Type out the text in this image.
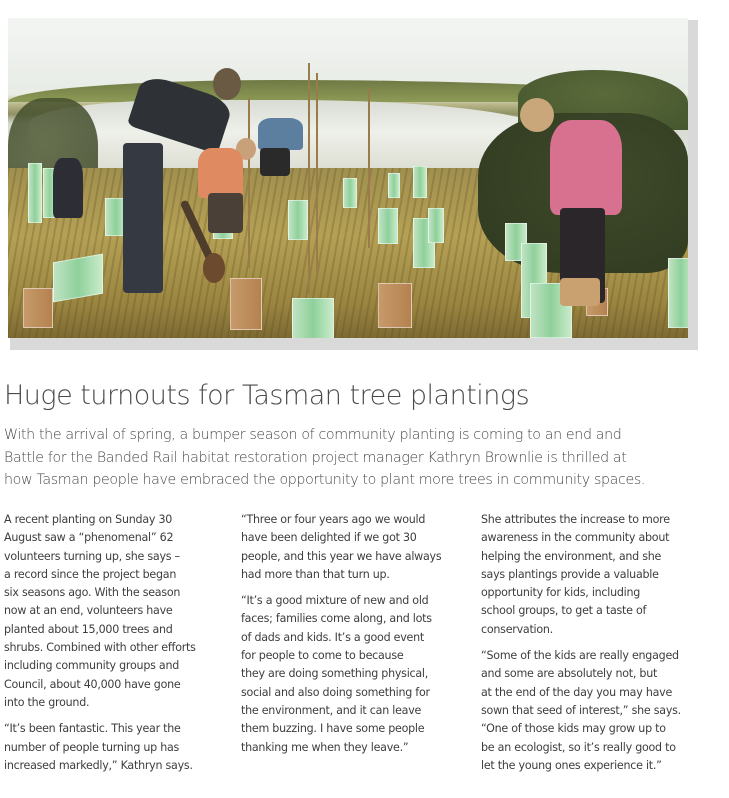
Huge turnouts for Tasman tree plantings
With the arrival of spring, a bumper season of community planting is coming to an end and
Battle for the Banded Rail habitat restoration project manager Kathryn Brownlie is thrilled at
how Tasman people have embraced the opportunity to plant more trees in community spaces.

A recent planting on Sunday 30
August saw a “phenomenal” 62
volunteers turning up, she says –
a record since the project began
six seasons ago. With the season
now at an end, volunteers have
planted about 15,000 trees and
shrubs. Combined with other efforts
including community groups and
Council, about 40,000 have gone
into the ground.

“It’s been fantastic. This year the
number of people turning up has
increased markedly,” Kathryn says.

“Three or four years ago we would
have been delighted if we got 30
people, and this year we have always
had more than that turn up.

“It’s a good mixture of new and old
faces; families come along, and lots
of dads and kids. It’s a good event
for people to come to because
they are doing something physical,
social and also doing something for
the environment, and it can leave
them buzzing. I have some people
thanking me when they leave.”

She attributes the increase to more
awareness in the community about
helping the environment, and she
says plantings provide a valuable
opportunity for kids, including
school groups, to get a taste of
conservation.

“Some of the kids are really engaged
and some are absolutely not, but
at the end of the day you may have
sown that seed of interest,” she says.
“One of those kids may grow up to
be an ecologist, so it’s really good to
let the young ones experience it.”
